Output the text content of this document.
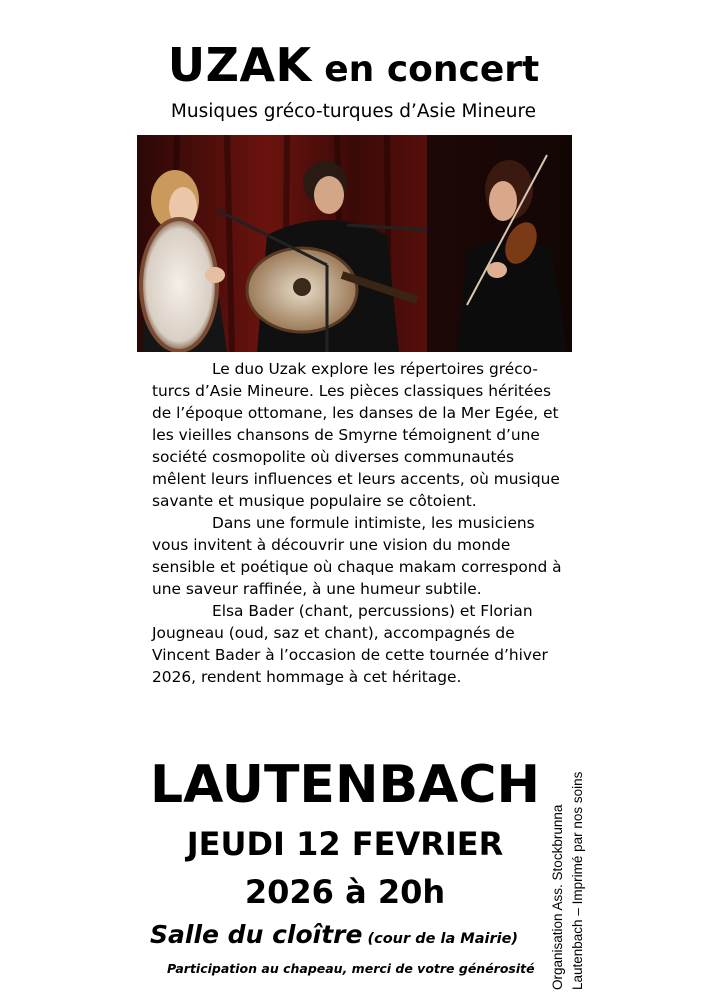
UZAK en concert
Musiques gréco-turques d’Asie Mineure

Le duo Uzak explore les répertoires gréco-turcs d’Asie Mineure. Les pièces classiques héritées de l’époque ottomane, les danses de la Mer Egée, et les vieilles chansons de Smyrne témoignent d’une société cosmopolite où diverses communautés mêlent leurs influences et leurs accents, où musique savante et musique populaire se côtoient.

Dans une formule intimiste, les musiciens vous invitent à découvrir une vision du monde sensible et poétique où chaque makam correspond à une saveur raffinée, à une humeur subtile.

Elsa Bader (chant, percussions) et Florian Jougneau (oud, saz et chant), accompagnés de Vincent Bader à l’occasion de cette tournée d’hiver 2026, rendent hommage à cet héritage.

LAUTENBACH
JEUDI 12 FEVRIER
2026 à 20h
Salle du cloître (cour de la Mairie)
Participation au chapeau, merci de votre générosité Organisation Ass. Stockbrunna Lautenbach – Imprimé par nos soins
